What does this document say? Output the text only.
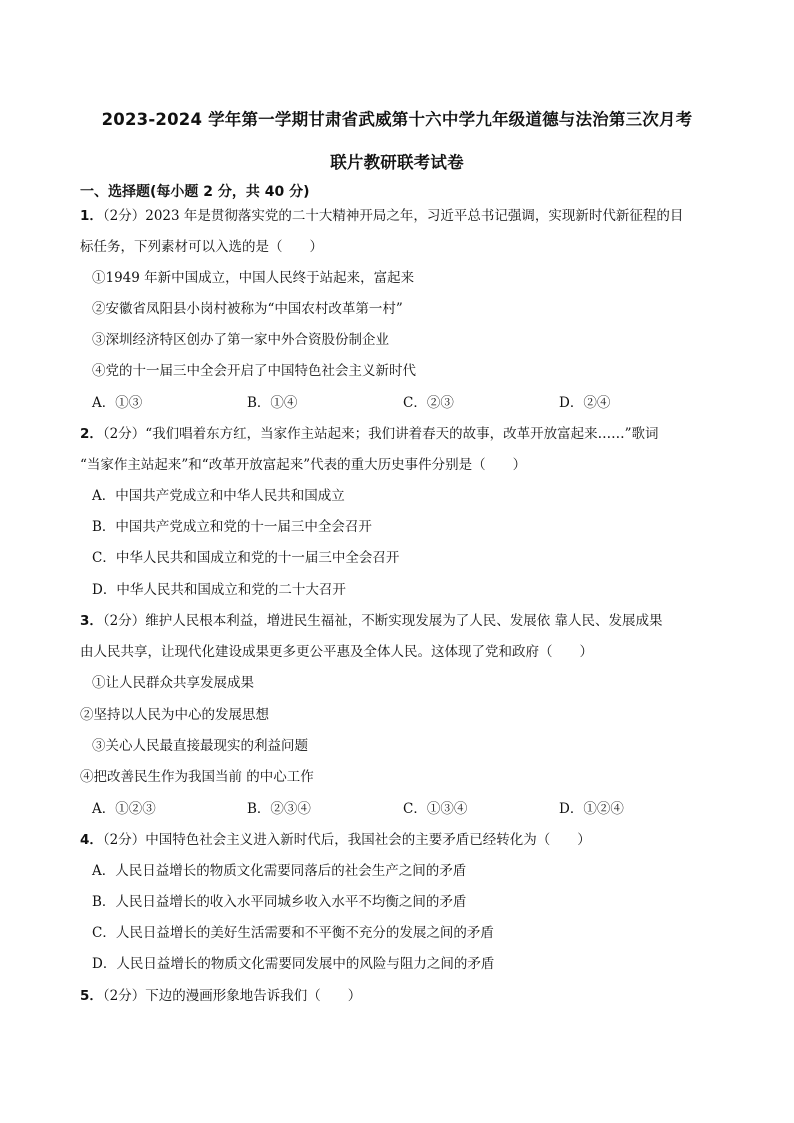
2023-2024 学年第一学期甘肃省武威第十六中学九年级道德与法治第三次月考
联片教研联考试卷
一、选择题(每小题 2 分，共 40 分)
1．（2分）2023 年是贯彻落实党的二十大精神开局之年，习近平总书记强调，实现新时代新征程的目
标任务，下列素材可以入选的是（　　）
①1949 年新中国成立，中国人民终于站起来，富起来
②安徽省凤阳县小岗村被称为“中国农村改革第一村”
③深圳经济特区创办了第一家中外合资股份制企业
④党的十一届三中全会开启了中国特色社会主义新时代
A．①③	B．①④	C．②③	D．②④
2．（2分）“我们唱着东方红，当家作主站起来；我们讲着春天的故事，改革开放富起来……”歌词
“当家作主站起来”和“改革开放富起来”代表的重大历史事件分别是（　　）
A．中国共产党成立和中华人民共和国成立
B．中国共产党成立和党的十一届三中全会召开
C．中华人民共和国成立和党的十一届三中全会召开
D．中华人民共和国成立和党的二十大召开
3．（2分）维护人民根本利益，增进民生福祉，不断实现发展为了人民、发展依 靠人民、发展成果
由人民共享，让现代化建设成果更多更公平惠及全体人民。这体现了党和政府（　　）
①让人民群众共享发展成果
②坚持以人民为中心的发展思想
③关心人民最直接最现实的利益问题
④把改善民生作为我国当前 的中心工作
A．①②③	B．②③④	C．①③④	D．①②④
4．（2分）中国特色社会主义进入新时代后，我国社会的主要矛盾已经转化为（　　）
A．人民日益增长的物质文化需要同落后的社会生产之间的矛盾
B．人民日益增长的收入水平同城乡收入水平不均衡之间的矛盾
C．人民日益增长的美好生活需要和不平衡不充分的发展之间的矛盾
D．人民日益增长的物质文化需要同发展中的风险与阻力之间的矛盾
5．（2分）下边的漫画形象地告诉我们（　　）
